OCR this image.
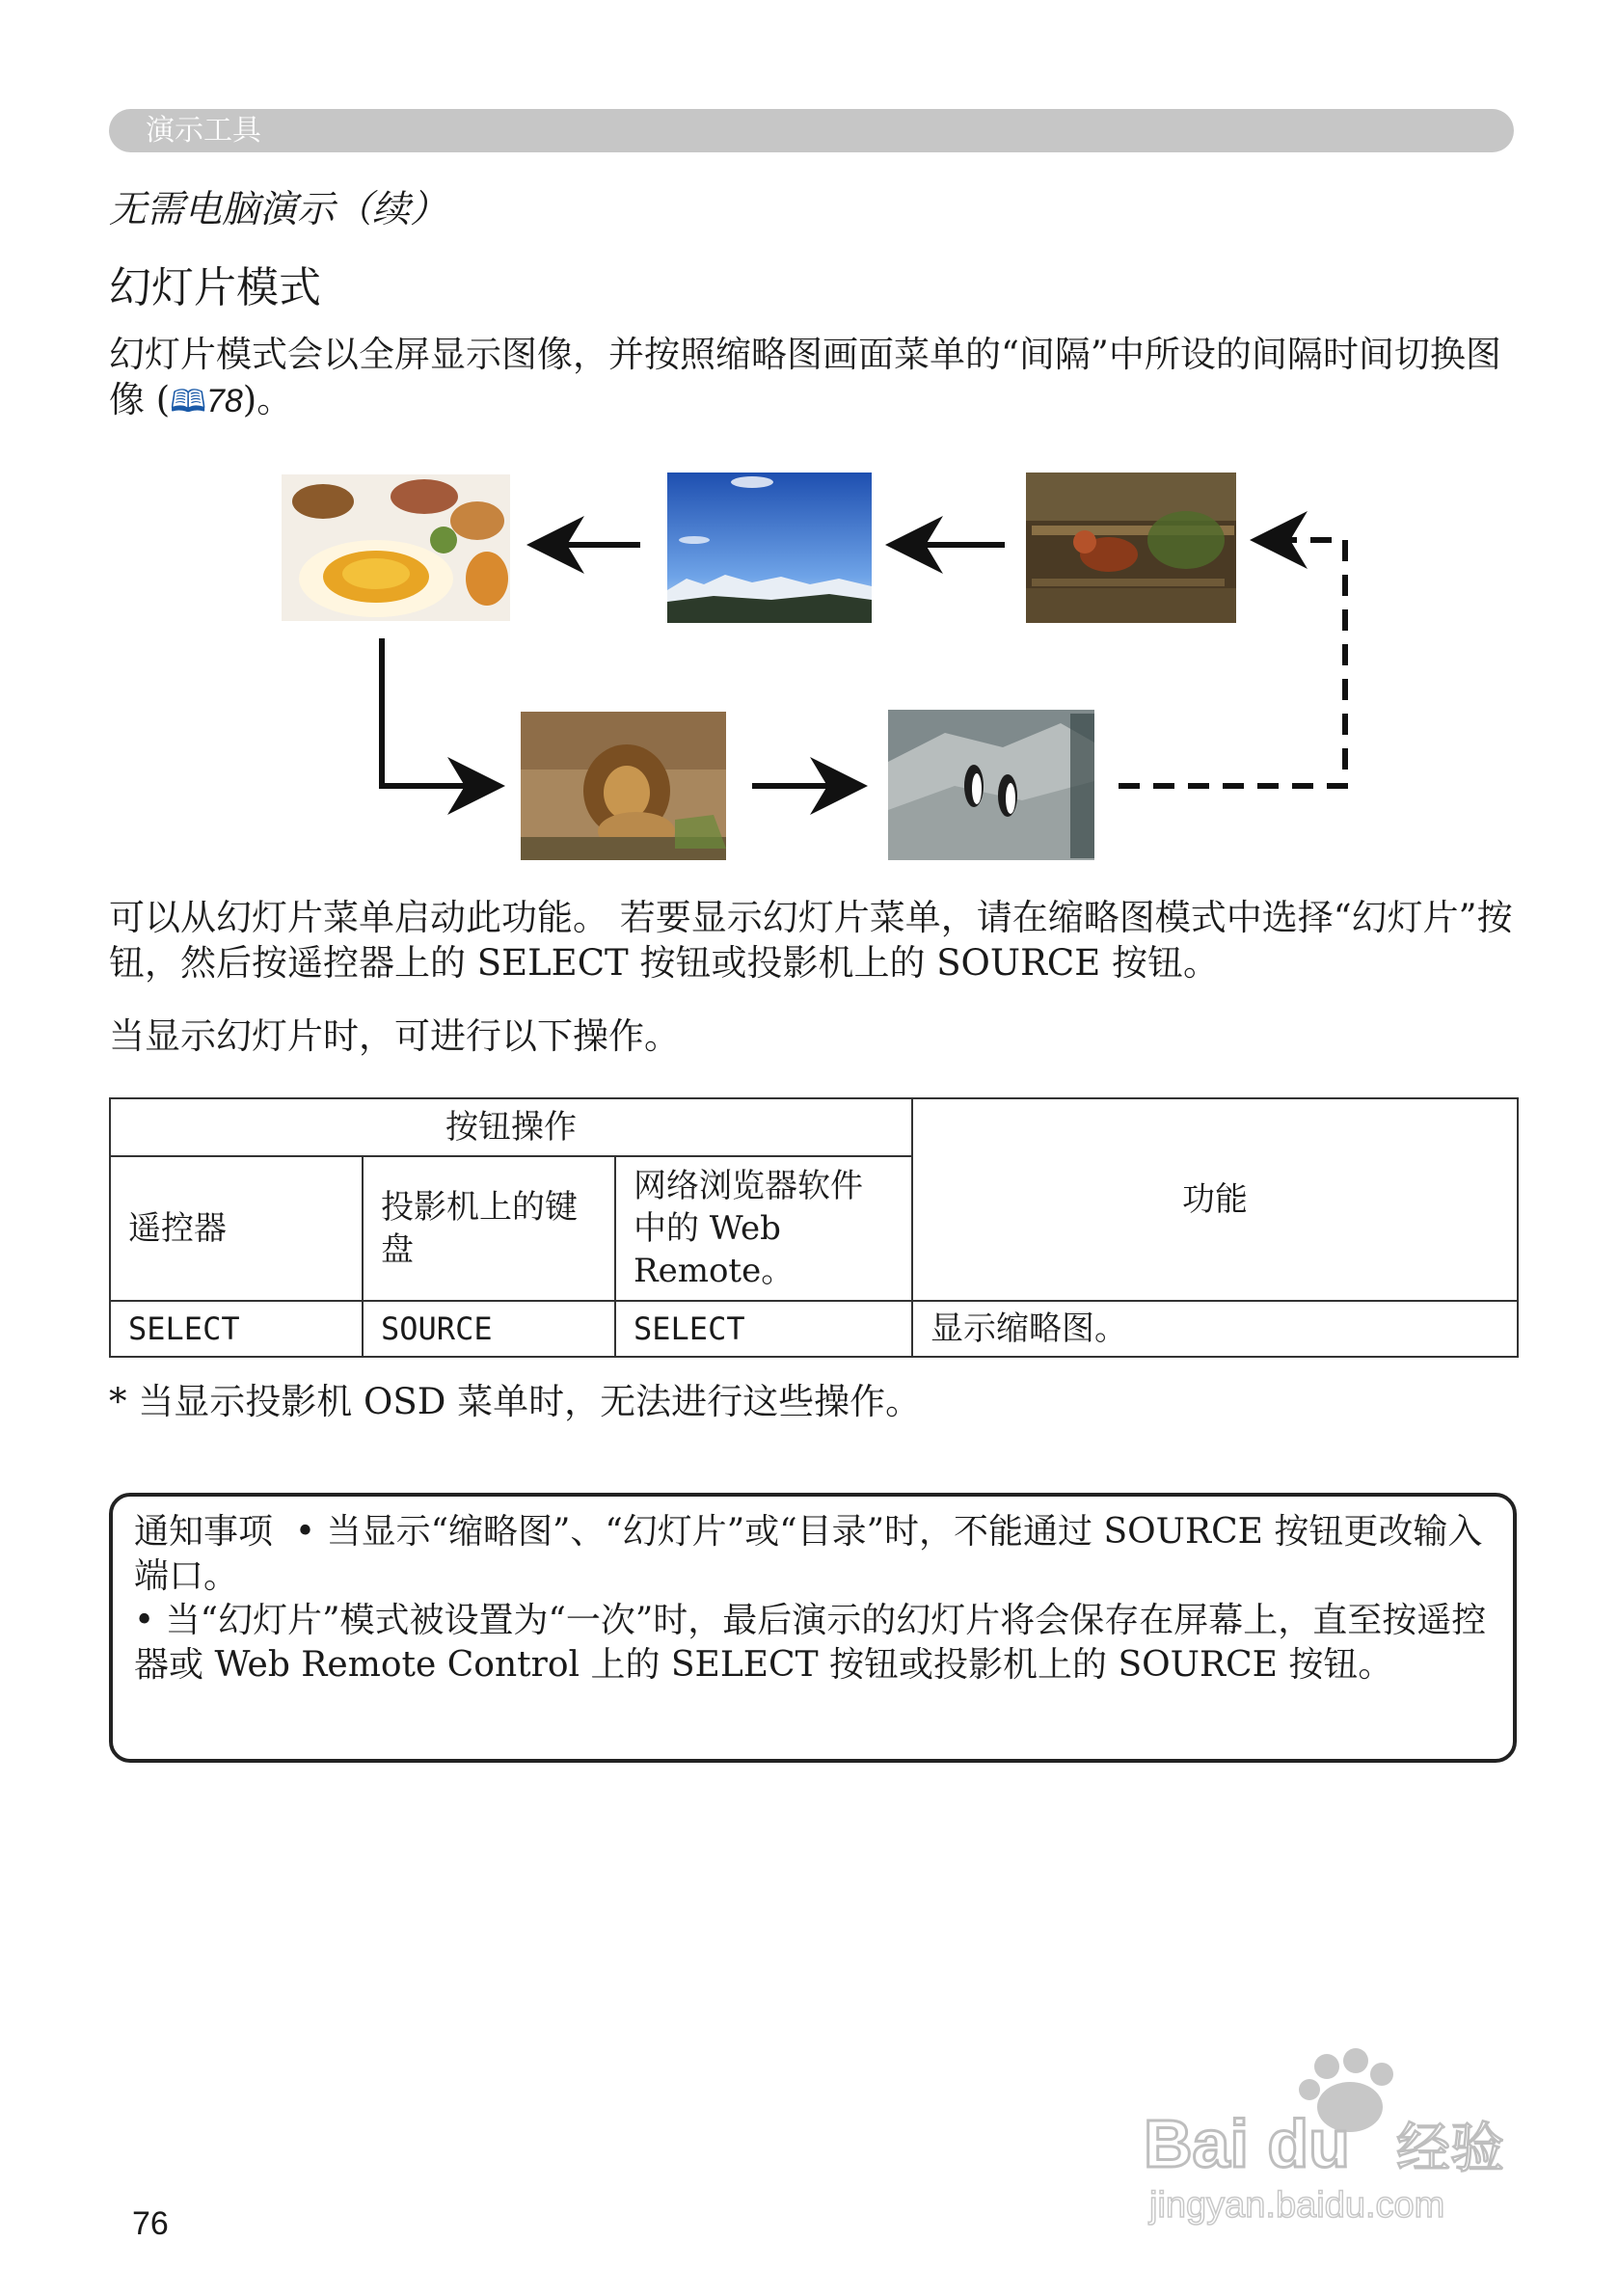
演示工具
无需电脑演示（续）
幻灯片模式
幻灯片模式会以全屏显示图像，并按照缩略图画面菜单的“间隔”中所设的间隔时间切换图像 (🕮78)。
可以从幻灯片菜单启动此功能。 若要显示幻灯片菜单，请在缩略图模式中选择“幻灯片”按钮，然后按遥控器上的 SELECT 按钮或投影机上的 SOURCE 按钮。
当显示幻灯片时，可进行以下操作。
按钮操作			功能
遥控器	投影机上的键盘	网络浏览器软件中的 Web Remote。	
SELECT	SOURCE	SELECT	显示缩略图。
* 当显示投影机 OSD 菜单时，无法进行这些操作。
通知事项 • 当显示“缩略图”、“幻灯片”或“目录”时，不能通过 SOURCE 按钮更改输入端口。
• 当“幻灯片”模式被设置为“一次”时，最后演示的幻灯片将会保存在屏幕上，直至按遥控器或 Web Remote Control 上的 SELECT 按钮或投影机上的 SOURCE 按钮。
76
Bai du 经验
jingyan.baidu.com
